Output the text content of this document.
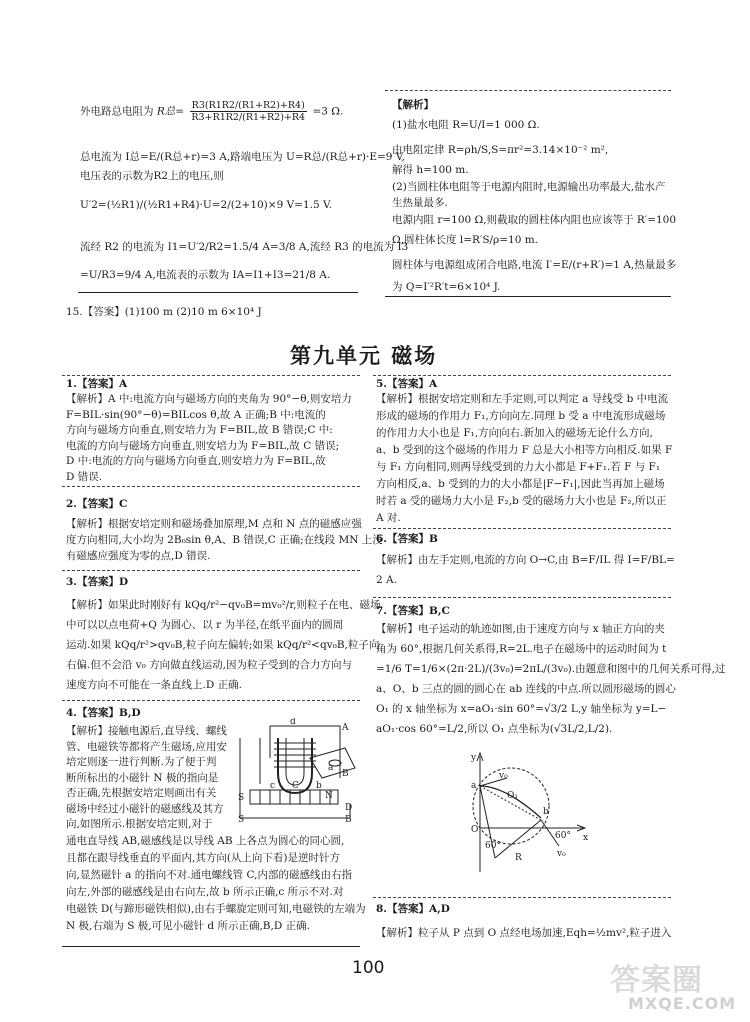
外电路总电阻为 R总= $\frac{R3(R1R2/(R1+R2)+R4)}{R3+R1R2/(R1+R2)+R4} =3$ Ω.
总电流为 I总=E/(R总+r)=3 A,路端电压为 U=R总/(R总+r)·E=9 V,
电压表的示数为R2上的电压,则
U′2=(½R1)/(½R1+R4)·U=2/(2+10)×9 V=1.5 V.
流经 R2 的电流为 I1=U′2/R2=1.5/4 A=3/8 A,流经 R3 的电流为 I3
=U/R3=9/4 A,电流表的示数为 IA=I1+I3=21/8 A.
【解析】
(1)盐水电阻 R=U/I=1 000 Ω.
由电阻定律 R=ρh/S,S=πr²=3.14×10⁻² m²,
解得 h=100 m.
(2)当圆柱体电阻等于电源内阻时,电源输出功率最大,盐水产
生热量最多.
电源内阻 r=100 Ω,则截取的圆柱体内阻也应该等于 R′=100
Ω,圆柱体长度 l=R′S/ρ=10 m.
圆柱体与电源组成闭合电路,电流 I′=E/(r+R′)=1 A,热量最多
为 Q=I′²R′t=6×10⁴ J.
15.【答案】(1)100 m (2)10 m 6×10⁴ J
第九单元 磁场
1.【答案】A
【解析】A 中:电流方向与磁场方向的夹角为 90°−θ,则安培力
F=BIL·sin(90°−θ)=BILcos θ,故 A 正确;B 中:电流的
方向与磁场方向垂直,则安培力为 F=BIL,故 B 错误;C 中:
电流的方向与磁场方向垂直,则安培力为 F=BIL,故 C 错误;
D 中:电流的方向与磁场方向垂直,则安培力为 F=BIL,故
D 错误.
2.【答案】C
【解析】根据安培定则和磁场叠加原理,M 点和 N 点的磁感应强
度方向相同,大小均为 2B₀sin θ,A、B 错误,C 正确;在线段 MN 上没
有磁感应强度为零的点,D 错误.
3.【答案】D
【解析】如果此时刚好有 kQq/r²−qv₀B=mv₀²/r,则粒子在电、磁场
中可以以点电荷+Q 为圆心、以 r 为半径,在纸平面内的圆周
运动.如果 kQq/r²>qv₀B,粒子向左偏转;如果 kQq/r²<qv₀B,粒子向
右偏.但不会沿 v₀ 方向做直线运动,因为粒子受到的合力方向与
速度方向不可能在一条直线上.D 正确.
4.【答案】B,D
【解析】接触电源后,直导线、螺线
管、电磁铁等都将产生磁场,应用安
培定则逐一进行判断.为了便于判
断所标出的小磁针 N 极的指向是
否正确,先根据安培定则画出有关
磁场中经过小磁针的磁感线及其方
向,如图所示.根据安培定则,对于
通电直导线 AB,磁感线是以导线 AB 上各点为圆心的同心圆,
且都在跟导线垂直的平面内,其方向(从上向下看)是逆时针方
向,显然磁针 a 的指向不对.通电螺线管 C,内部的磁感线由右指
向左,外部的磁感线是由右向左,故 b 所示正确,c 所示不对.对
电磁铁 D(与蹄形磁铁相似),由右手螺旋定则可知,电磁铁的左端为
N 极,右端为 S 极,可见小磁针 d 所示正确,B,D 正确.
dA aB C bcNS SD B
5.【答案】A
【解析】根据安培定则和左手定则,可以判定 a 导线受 b 中电流
形成的磁场的作用力 F₁,方向向左.同理 b 受 a 中电流形成磁场
的作用力大小也是 F₁,方向向右.新加入的磁场无论什么方向,
a、b 受到的这个磁场的作用力 F 总是大小相等方向相反.如果 F
与 F₁ 方向相同,则两导线受到的力大小都是 F+F₁.若 F 与 F₁
方向相反,a、b 受到的力的大小都是|F−F₁|,因此当再加上磁场
时若 a 受的磁场力大小是 F₂,b 受的磁场力大小也是 F₂,所以正
A 对.
6.【答案】B
【解析】由左手定则,电流的方向 O→C,由 B=F/IL 得 I=F/BL=
2 A.
7.【答案】B,C
【解析】电子运动的轨迹如图,由于速度方向与 x 轴正方向的夹
角为 60°,根据几何关系得,R=2L.电子在磁场中的运动时间为 t
=1/6 T=1/6×(2π·2L)/(3v₀)=2πL/(3v₀).由题意和图中的几何关系可得,过
a、O、b 三点的圆的圆心在 ab 连线的中点.所以圆形磁场的圆心
O₁ 的 x 轴坐标为 x=aO₁·sin 60°=√3/2 L,y 轴坐标为 y=L−
aO₁·cos 60°=L/2,所以 O₁ 点坐标为(√3L/2,L/2).
y av₀O₁ Oxb60° 60°R	v₀
8.【答案】A,D
【解析】粒子从 P 点到 O 点经电场加速,Eqh=½mv²,粒子进入
100	答案圈
MXQE.COM
